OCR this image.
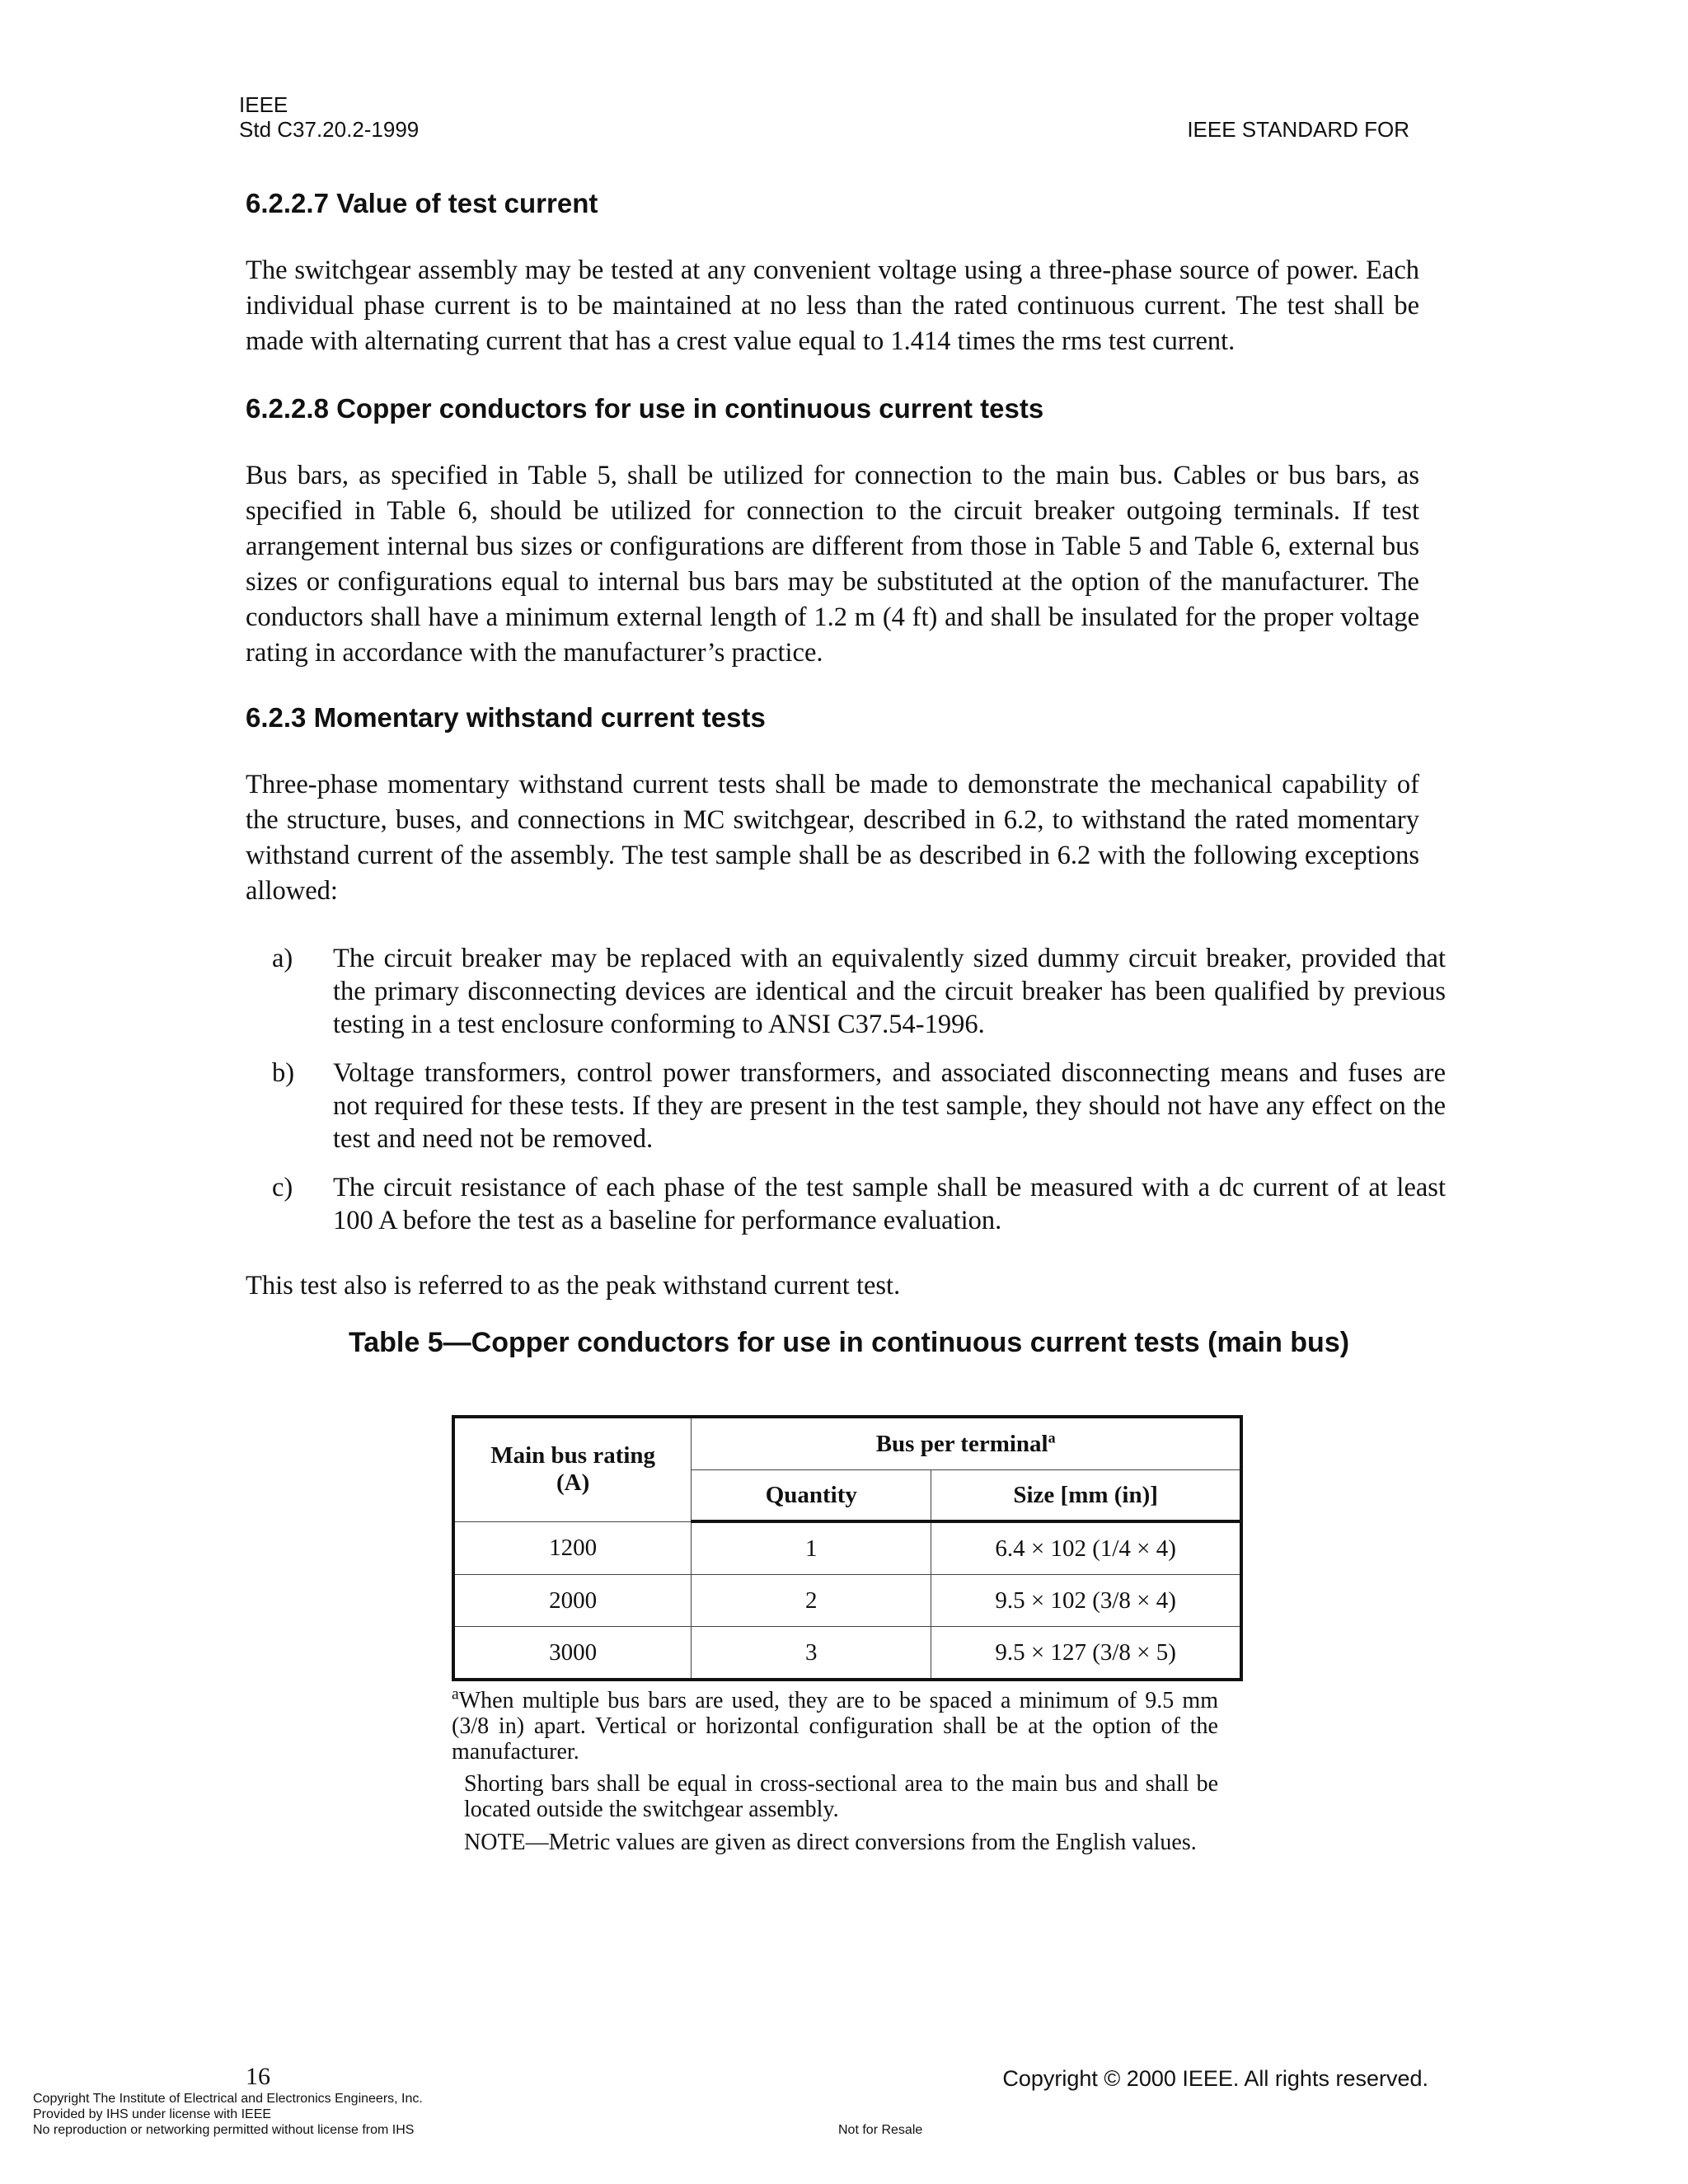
IEEE
Std C37.20.2-1999	IEEE STANDARD FOR
6.2.2.7 Value of test current
The switchgear assembly may be tested at any convenient voltage using a three-phase source of power. Each individual phase current is to be maintained at no less than the rated continuous current. The test shall be made with alternating current that has a crest value equal to 1.414 times the rms test current.
6.2.2.8 Copper conductors for use in continuous current tests
Bus bars, as specified in Table 5, shall be utilized for connection to the main bus. Cables or bus bars, as specified in Table 6, should be utilized for connection to the circuit breaker outgoing terminals. If test arrangement internal bus sizes or configurations are different from those in Table 5 and Table 6, external bus sizes or configurations equal to internal bus bars may be substituted at the option of the manufacturer. The conductors shall have a minimum external length of 1.2 m (4 ft) and shall be insulated for the proper voltage rating in accordance with the manufacturer’s practice.
6.2.3 Momentary withstand current tests
Three-phase momentary withstand current tests shall be made to demonstrate the mechanical capability of the structure, buses, and connections in MC switchgear, described in 6.2, to withstand the rated momentary withstand current of the assembly. The test sample shall be as described in 6.2 with the following exceptions allowed:
a) The circuit breaker may be replaced with an equivalently sized dummy circuit breaker, provided that the primary disconnecting devices are identical and the circuit breaker has been qualified by previous testing in a test enclosure conforming to ANSI C37.54-1996.
b) Voltage transformers, control power transformers, and associated disconnecting means and fuses are not required for these tests. If they are present in the test sample, they should not have any effect on the test and need not be removed.
c) The circuit resistance of each phase of the test sample shall be measured with a dc current of at least 100 A before the test as a baseline for performance evaluation.
This test also is referred to as the peak withstand current test.
Table 5—Copper conductors for use in continuous current tests (main bus)
Main bus rating
(A)	Bus per terminal$^a$
	Quantity	Size [mm (in)]
1200	1	6.4 × 102 (1/4 × 4)
2000	2	9.5 × 102 (3/8 × 4)
3000	3	9.5 × 127 (3/8 × 5)
$^a$When multiple bus bars are used, they are to be spaced a minimum of 9.5 mm (3/8 in) apart. Vertical or horizontal configuration shall be at the option of the manufacturer.
Shorting bars shall be equal in cross-sectional area to the main bus and shall be located outside the switchgear assembly.
NOTE—Metric values are given as direct conversions from the English values.
16	Copyright © 2000 IEEE. All rights reserved.
Copyright The Institute of Electrical and Electronics Engineers, Inc.
Provided by IHS under license with IEEE
No reproduction or networking permitted without license from IHS	Not for Resale
